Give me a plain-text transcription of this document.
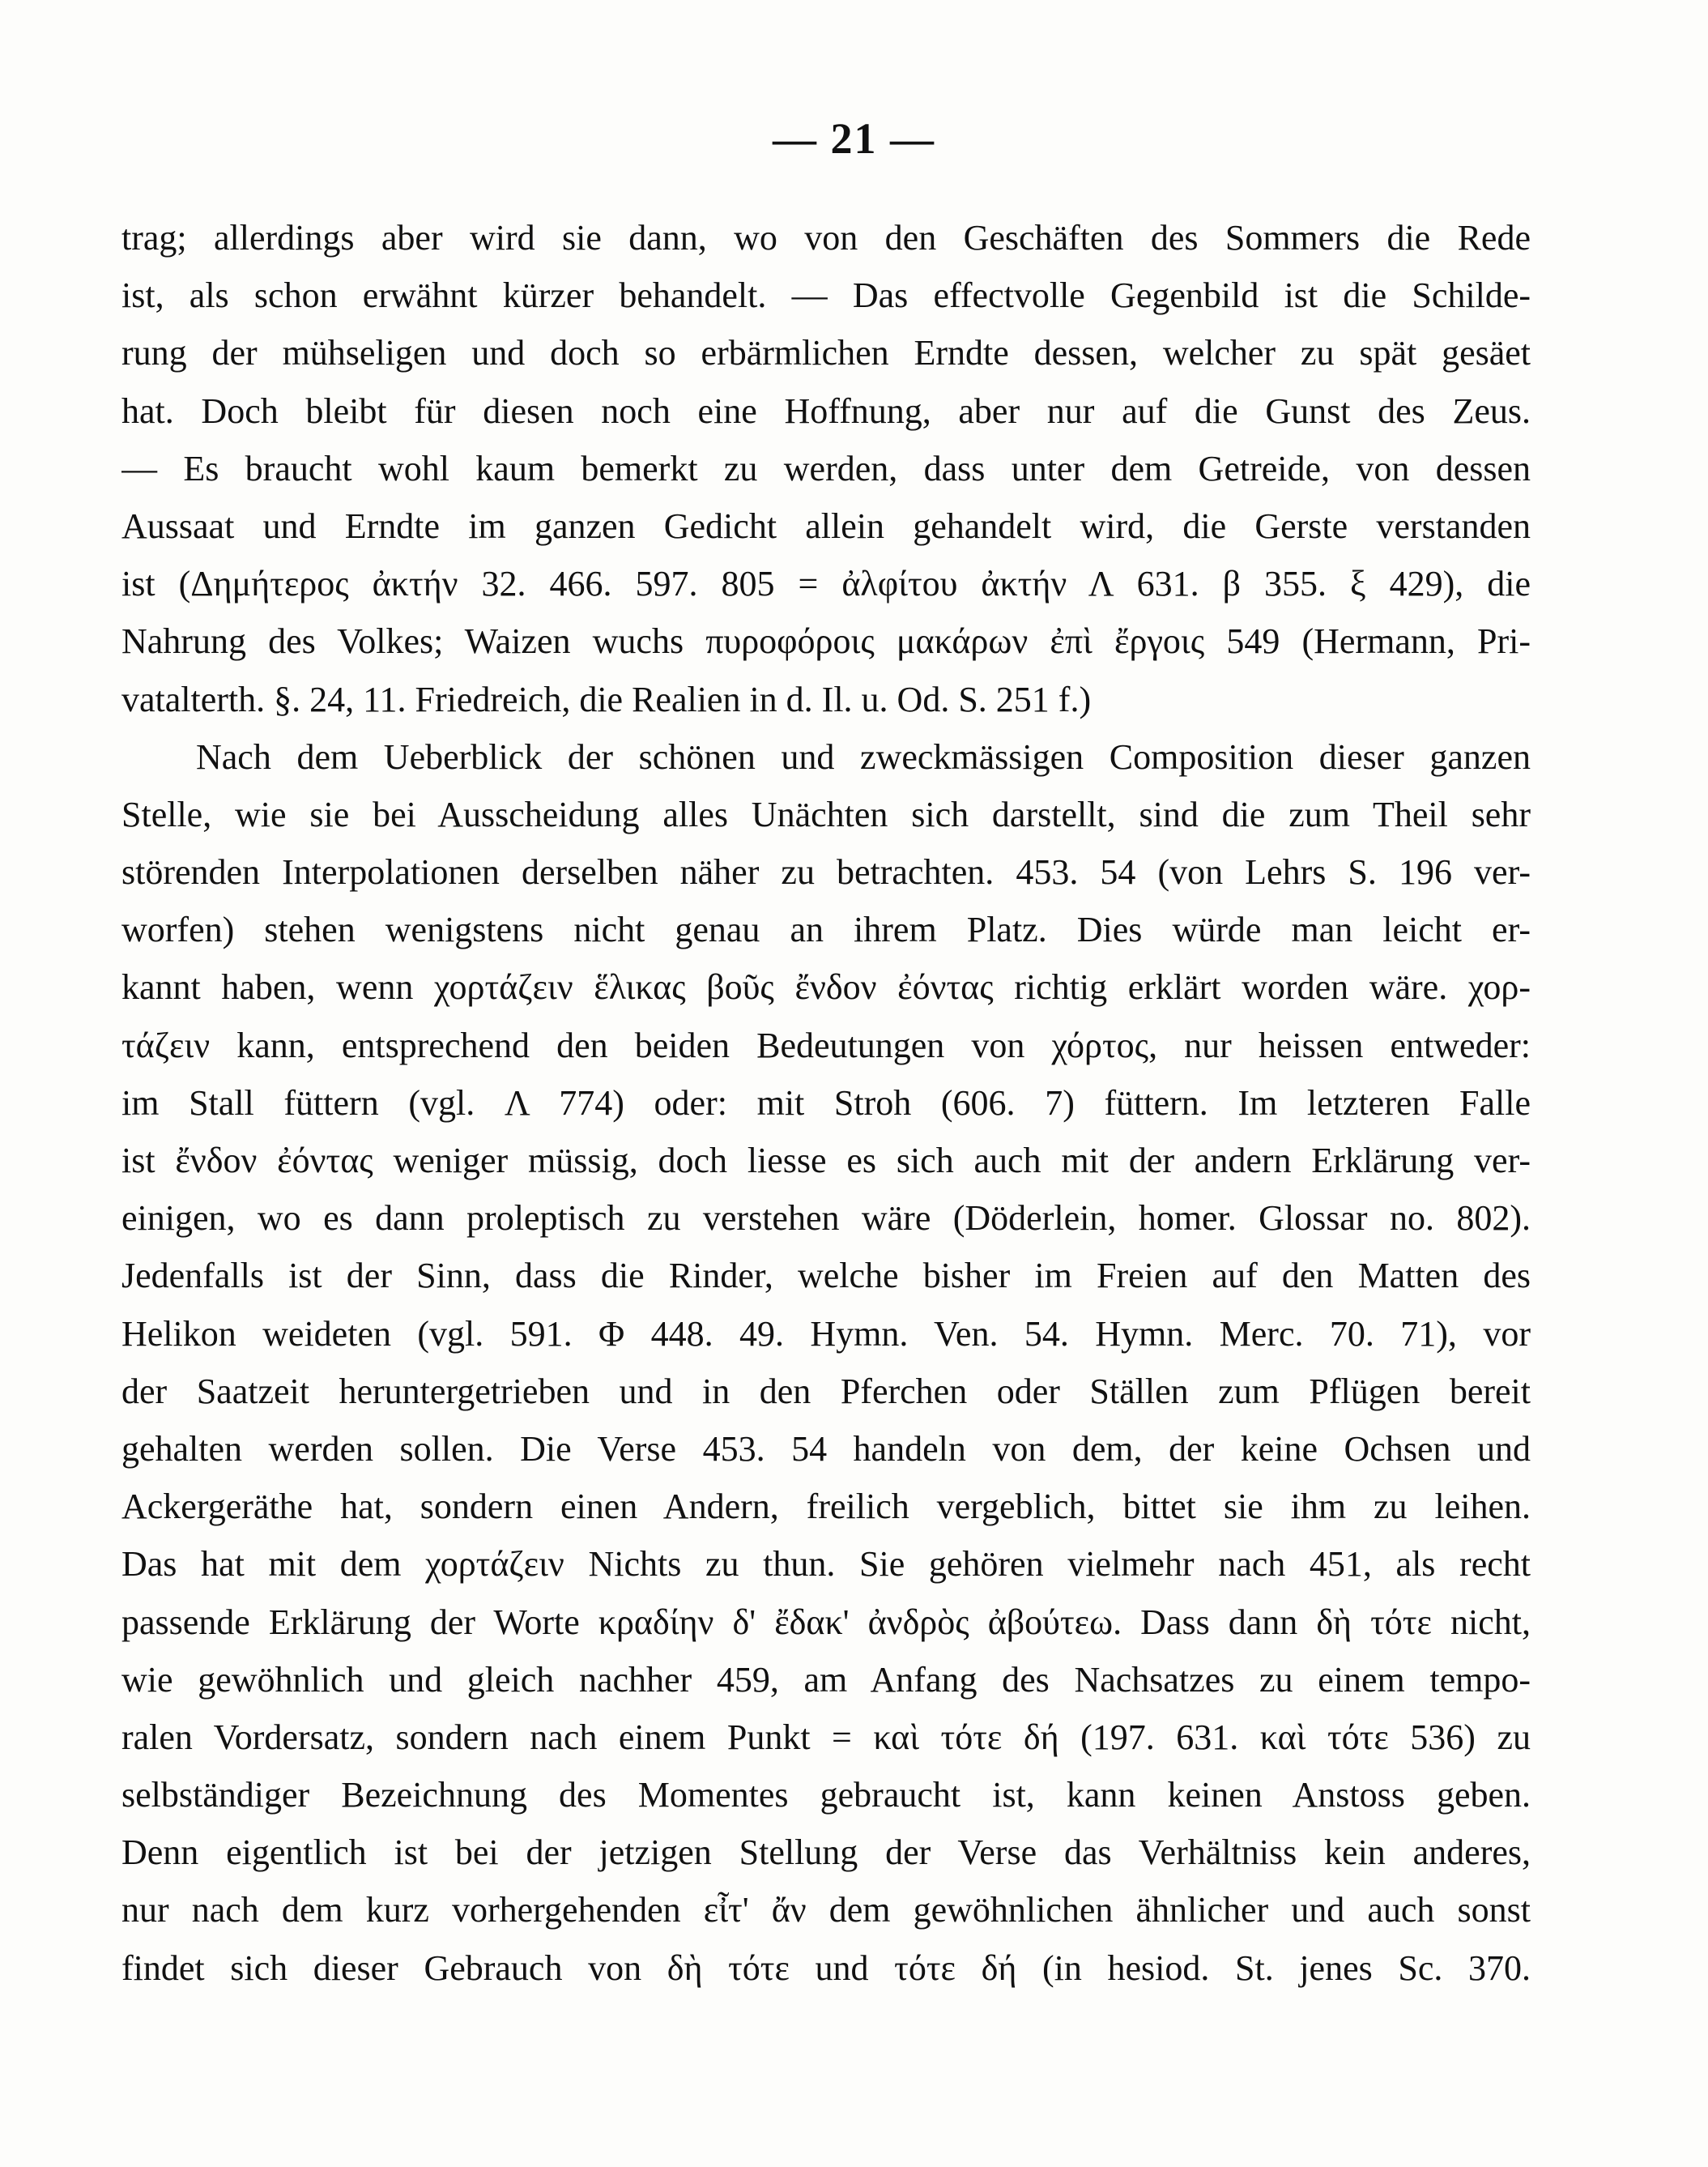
— 21 —
trag; allerdings aber wird sie dann, wo von den Geschäften des Sommers die Rede
ist, als schon erwähnt kürzer behandelt. — Das effectvolle Gegenbild ist die Schilde-
rung der mühseligen und doch so erbärmlichen Erndte dessen, welcher zu spät gesäet
hat. Doch bleibt für diesen noch eine Hoffnung, aber nur auf die Gunst des Zeus.
— Es braucht wohl kaum bemerkt zu werden, dass unter dem Getreide, von dessen
Aussaat und Erndte im ganzen Gedicht allein gehandelt wird, die Gerste verstanden
ist (Δημήτερος ἀκτήν 32. 466. 597. 805 = ἀλφίτου ἀκτήν Λ 631. β 355. ξ 429), die
Nahrung des Volkes; Waizen wuchs πυροφόροις μακάρων ἐπὶ ἔργοις 549 (Hermann, Pri-
vatalterth. §. 24, 11. Friedreich, die Realien in d. Il. u. Od. S. 251 f.)
Nach dem Ueberblick der schönen und zweckmässigen Composition dieser ganzen
Stelle, wie sie bei Ausscheidung alles Unächten sich darstellt, sind die zum Theil sehr
störenden Interpolationen derselben näher zu betrachten. 453. 54 (von Lehrs S. 196 ver-
worfen) stehen wenigstens nicht genau an ihrem Platz. Dies würde man leicht er-
kannt haben, wenn χορτάζειν ἕλικας βοῦς ἔνδον ἐόντας richtig erklärt worden wäre. χορ-
τάζειν kann, entsprechend den beiden Bedeutungen von χόρτος, nur heissen entweder:
im Stall füttern (vgl. Λ 774) oder: mit Stroh (606. 7) füttern. Im letzteren Falle
ist ἔνδον ἐόντας weniger müssig, doch liesse es sich auch mit der andern Erklärung ver-
einigen, wo es dann proleptisch zu verstehen wäre (Döderlein, homer. Glossar no. 802).
Jedenfalls ist der Sinn, dass die Rinder, welche bisher im Freien auf den Matten des
Helikon weideten (vgl. 591. Φ 448. 49. Hymn. Ven. 54. Hymn. Merc. 70. 71), vor
der Saatzeit heruntergetrieben und in den Pferchen oder Ställen zum Pflügen bereit
gehalten werden sollen. Die Verse 453. 54 handeln von dem, der keine Ochsen und
Ackergeräthe hat, sondern einen Andern, freilich vergeblich, bittet sie ihm zu leihen.
Das hat mit dem χορτάζειν Nichts zu thun. Sie gehören vielmehr nach 451, als recht
passende Erklärung der Worte κραδίην δ' ἔδακ' ἀνδρὸς ἀβούτεω. Dass dann δὴ τότε nicht,
wie gewöhnlich und gleich nachher 459, am Anfang des Nachsatzes zu einem tempo-
ralen Vordersatz, sondern nach einem Punkt = καὶ τότε δή (197. 631. καὶ τότε 536) zu
selbständiger Bezeichnung des Momentes gebraucht ist, kann keinen Anstoss geben.
Denn eigentlich ist bei der jetzigen Stellung der Verse das Verhältniss kein anderes,
nur nach dem kurz vorhergehenden εἶτ' ἄν dem gewöhnlichen ähnlicher und auch sonst
findet sich dieser Gebrauch von δὴ τότε und τότε δή (in hesiod. St. jenes Sc. 370.
